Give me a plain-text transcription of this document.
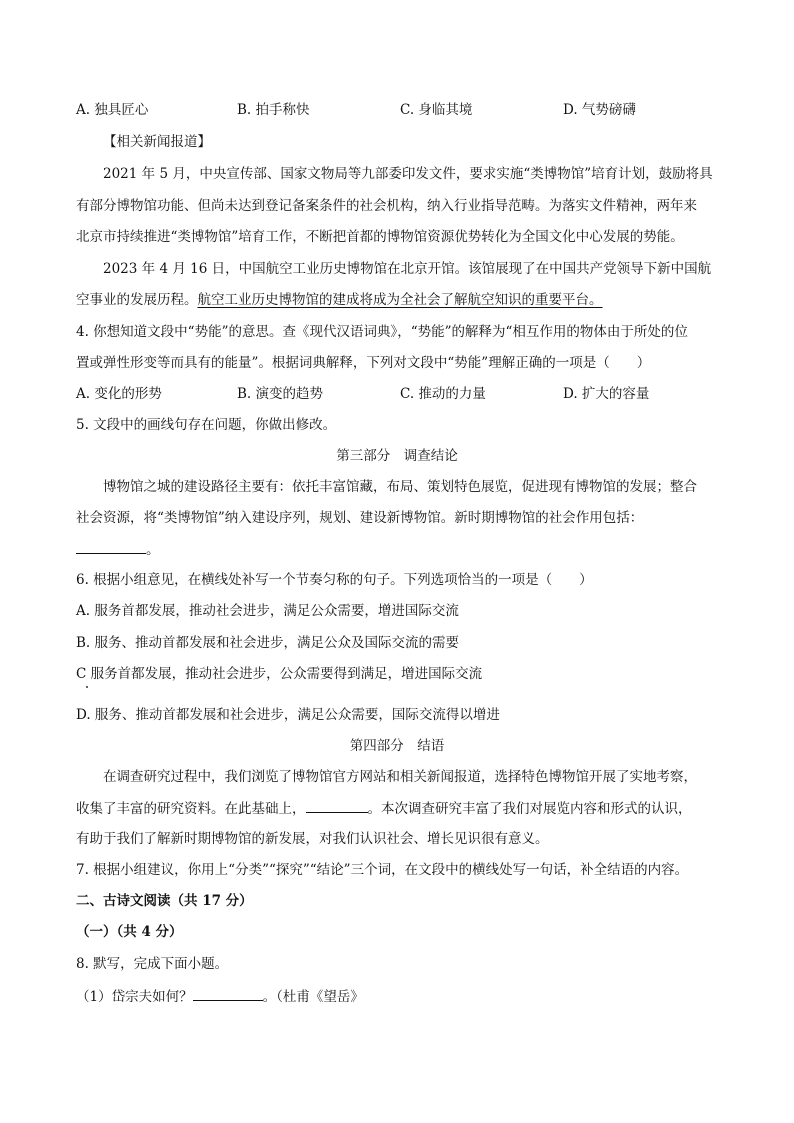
A. 独具匠心	B. 拍手称快	C. 身临其境	D. 气势磅礴
【相关新闻报道】
2021 年 5 月，中央宣传部、国家文物局等九部委印发文件，要求实施“类博物馆”培育计划，鼓励将具
有部分博物馆功能、但尚未达到登记备案条件的社会机构，纳入行业指导范畴。为落实文件精神，两年来
北京市持续推进“类博物馆”培育工作，不断把首都的博物馆资源优势转化为全国文化中心发展的势能。
2023 年 4 月 16 日，中国航空工业历史博物馆在北京开馆。该馆展现了在中国共产党领导下新中国航
空事业的发展历程。航空工业历史博物馆的建成将成为全社会了解航空知识的重要平台。
4. 你想知道文段中“势能”的意思。查《现代汉语词典》，“势能”的解释为“相互作用的物体由于所处的位
置或弹性形变等而具有的能量”。根据词典解释，下列对文段中“势能”理解正确的一项是（　　）
A. 变化的形势	B. 演变的趋势	C. 推动的力量	D. 扩大的容量
5. 文段中的画线句存在问题，你做出修改。
第三部分　调查结论
博物馆之城的建设路径主要有：依托丰富馆藏，布局、策划特色展览，促进现有博物馆的发展；整合
社会资源，将“类博物馆”纳入建设序列，规划、建设新博物馆。新时期博物馆的社会作用包括：
。
6. 根据小组意见，在横线处补写一个节奏匀称的句子。下列选项恰当的一项是（　　）
A. 服务首都发展，推动社会进步，满足公众需要，增进国际交流
B. 服务、推动首都发展和社会进步，满足公众及国际交流的需要
C 服务首都发展，推动社会进步，公众需要得到满足，增进国际交流
D. 服务、推动首都发展和社会进步，满足公众需要，国际交流得以增进
第四部分　结语
在调查研究过程中，我们浏览了博物馆官方网站和相关新闻报道，选择特色博物馆开展了实地考察，
收集了丰富的研究资料。在此基础上，	。本次调查研究丰富了我们对展览内容和形式的认识，
有助于我们了解新时期博物馆的新发展，对我们认识社会、增长见识很有意义。
7. 根据小组建议，你用上“分类”“探究”“结论”三个词，在文段中的横线处写一句话，补全结语的内容。
二、古诗文阅读（共 17 分）
（一）（共 4 分）
8. 默写，完成下面小题。
（1）岱宗夫如何？	。（杜甫《望岳》
